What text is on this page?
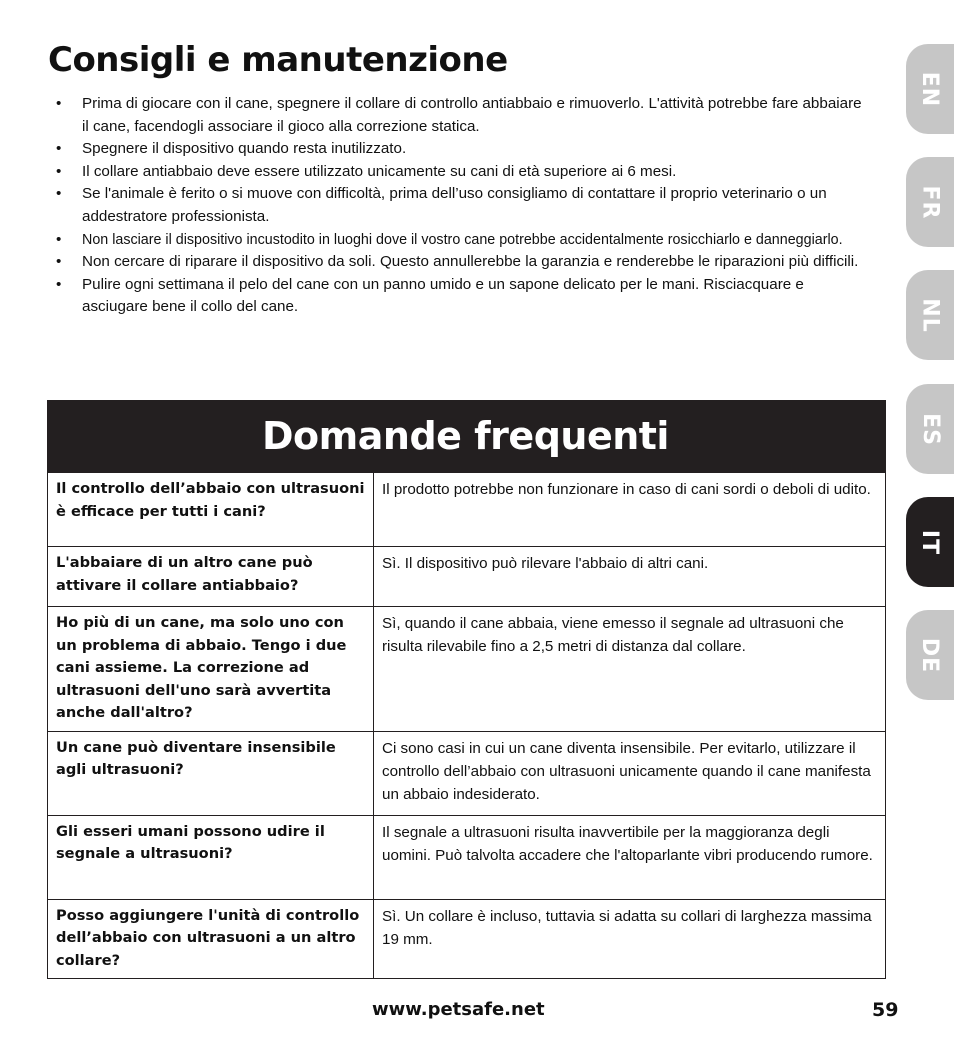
Consigli e manutenzione
• Prima di giocare con il cane, spegnere il collare di controllo antiabbaio e rimuoverlo. L'attività potrebbe fare abbaiare il cane, facendogli associare il gioco alla correzione statica.
• Spegnere il dispositivo quando resta inutilizzato.
• Il collare antiabbaio deve essere utilizzato unicamente su cani di età superiore ai 6 mesi.
• Se l'animale è ferito o si muove con difficoltà, prima dell’uso consigliamo di contattare il proprio veterinario o un addestratore professionista.
• Non lasciare il dispositivo incustodito in luoghi dove il vostro cane potrebbe accidentalmente rosicchiarlo e danneggiarlo.
• Non cercare di riparare il dispositivo da soli. Questo annullerebbe la garanzia e renderebbe le riparazioni più difficili.
• Pulire ogni settimana il pelo del cane con un panno umido e un sapone delicato per le mani. Risciacquare e asciugare bene il collo del cane.
Domande frequenti
Il controllo dell’abbaio con ultrasuoni è efficace per tutti i cani?	Il prodotto potrebbe non funzionare in caso di cani sordi o deboli di udito.
L'abbaiare di un altro cane può attivare il collare antiabbaio?	Sì. Il dispositivo può rilevare l'abbaio di altri cani.
Ho più di un cane, ma solo uno con un problema di abbaio. Tengo i due cani assieme. La correzione ad ultrasuoni dell'uno sarà avvertita anche dall'altro?	Sì, quando il cane abbaia, viene emesso il segnale ad ultrasuoni che risulta rilevabile fino a 2,5 metri di distanza dal collare.
Un cane può diventare insensibile agli ultrasuoni?	Ci sono casi in cui un cane diventa insensibile. Per evitarlo, utilizzare il controllo dell’abbaio con ultrasuoni unicamente quando il cane manifesta un abbaio indesiderato.
Gli esseri umani possono udire il segnale a ultrasuoni?	Il segnale a ultrasuoni risulta inavvertibile per la maggioranza degli uomini. Può talvolta accadere che l'altoparlante vibri producendo rumore.
Posso aggiungere l'unità di controllo dell’abbaio con ultrasuoni a un altro collare?	Sì. Un collare è incluso, tuttavia si adatta su collari di larghezza massima 19 mm.
EN
FR
NL
ES
IT
DE
www.petsafe.net	59
